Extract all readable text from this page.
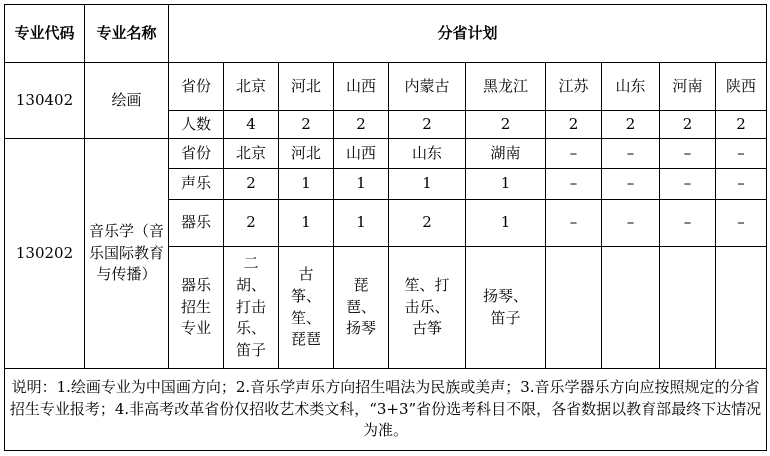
专业代码	专业名称	分省计划									
130402	绘画	省份	北京	河北	山西	内蒙古	黑龙江	江苏	山东	河南	陕西
		人数	4	2	2	2	2	2	2	2	2
130202	音乐学（音乐国际教育与传播）	省份	北京	河北	山西	山东	湖南	–	–	–	–
		声乐	2	1	1	1	1	–	–	–	–
		器乐	2	1	1	2	1	–	–	–	–
		器乐招生专业	二胡、打击乐、笛子	古筝、笙、琵琶	琵琶、扬琴	笙、打击乐、古筝	扬琴、笛子				
说明：1.绘画专业为中国画方向；2.音乐学声乐方向招生唱法为民族或美声；3.音乐学器乐方向应按照规定的分省招生专业报考；4.非高考改革省份仅招收艺术类文科，“3+3”省份选考科目不限，各省数据以教育部最终下达情况为准。											
